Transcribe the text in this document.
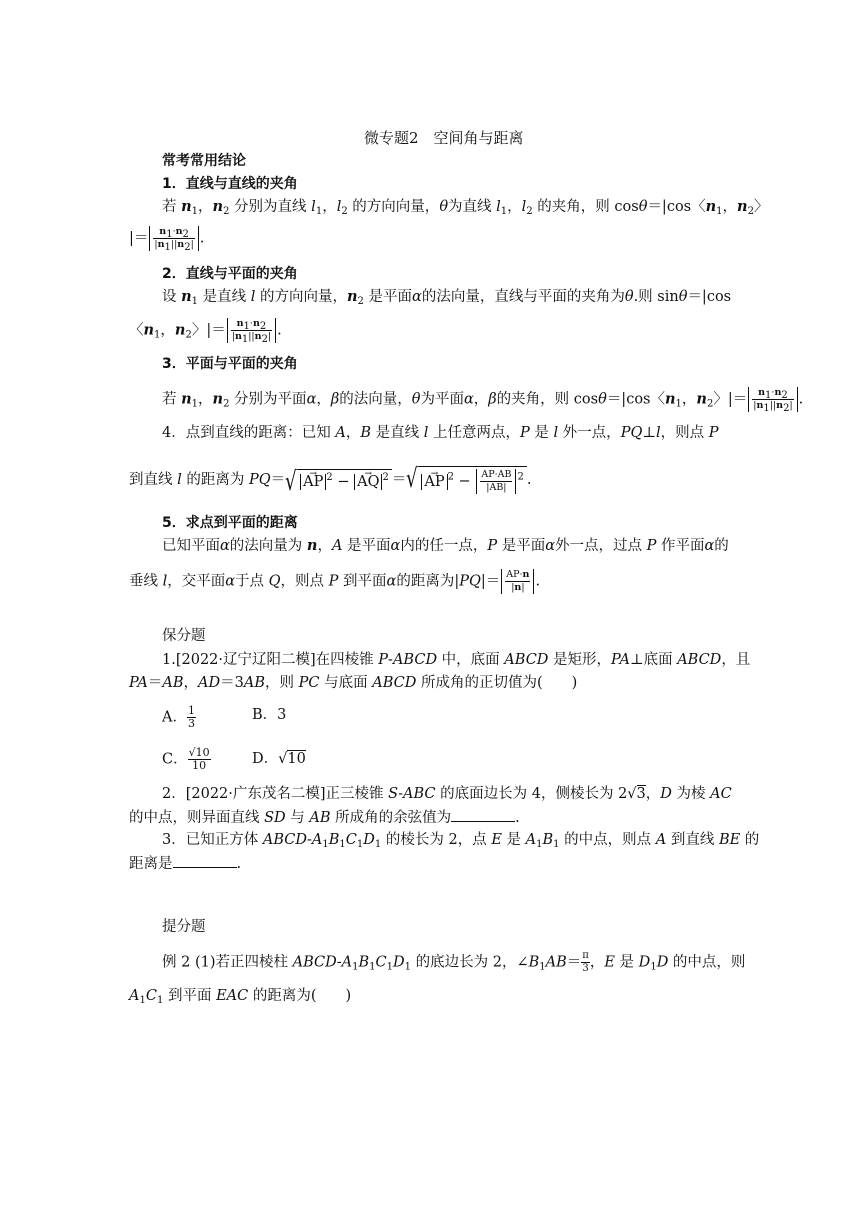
微专题2　空间角与距离
常考常用结论
1．直线与直线的夹角
若 $n_1$，$n_2$ 分别为直线 $l_1$，$l_2$ 的方向向量，θ为直线 $l_1$，$l_2$ 的夹角，则 cosθ＝|cos〈$n_1$，$n_2$〉
|＝ $\frac{n_1\cdot n_2}{|n_1||n_2|}$ .
2．直线与平面的夹角
设 $n_1$ 是直线 l 的方向向量，$n_2$ 是平面α的法向量，直线与平面的夹角为θ.则 sinθ＝|cos
〈$n_1$，$n_2$〉|＝ $\frac{n_1\cdot n_2}{|n_1||n_2|}$ .
3．平面与平面的夹角
若 $n_1$，$n_2$ 分别为平面α，β的法向量，θ为平面α，β的夹角，则 cosθ＝|cos〈$n_1$，$n_2$〉|＝ $\frac{n_1\cdot n_2}{|n_1||n_2|}$ .
4．点到直线的距离：已知 A，B 是直线 l 上任意两点，P 是 l 外一点，PQ⊥l，则点 P
到直线 l 的距离为 PQ＝ √ → AP $^2$ − → AQ $^2$ ＝ √ → AP $^2 - \frac{AP\cdot AB}{|AB|} ^2$ .
5．求点到平面的距离
已知平面α的法向量为 n，A 是平面α内的任一点，P 是平面α外一点，过点 P 作平面α的
垂线 l，交平面α于点 Q，则点 P 到平面α的距离为$|PQ|= \frac{AP\cdot n}{|n|}$ .
保分题
1.[2022·辽宁辽阳二模]在四棱锥 P-ABCD 中，底面 ABCD 是矩形，PA⊥底面 ABCD，且
PA＝AB，AD＝3AB，则 PC 与底面 ABCD 所成角的正切值为(　　)
A． $\frac{1}{3}$	B．3
C． $\frac{√10}{10}$	D．√10
2．[2022·广东茂名二模]正三棱锥 S-ABC 的底面边长为 4，侧棱长为 2√3，D 为棱 AC
的中点，则异面直线 SD 与 AB 所成角的余弦值为	.
3．已知正方体 ABCD-$A_1B_1C_1D_1$ 的棱长为 2，点 E 是 $A_1B_1$ 的中点，则点 A 到直线 BE 的
距离是	.
提分题
例 2 (1)若正四棱柱 ABCD-$A_1B_1C_1D_1$ 的底边长为 2，$\angle B_1AB= \frac{\pi}{3}$ ，E 是 $D_1D$ 的中点，则
$A_1C_1$ 到平面 EAC 的距离为(　　)
